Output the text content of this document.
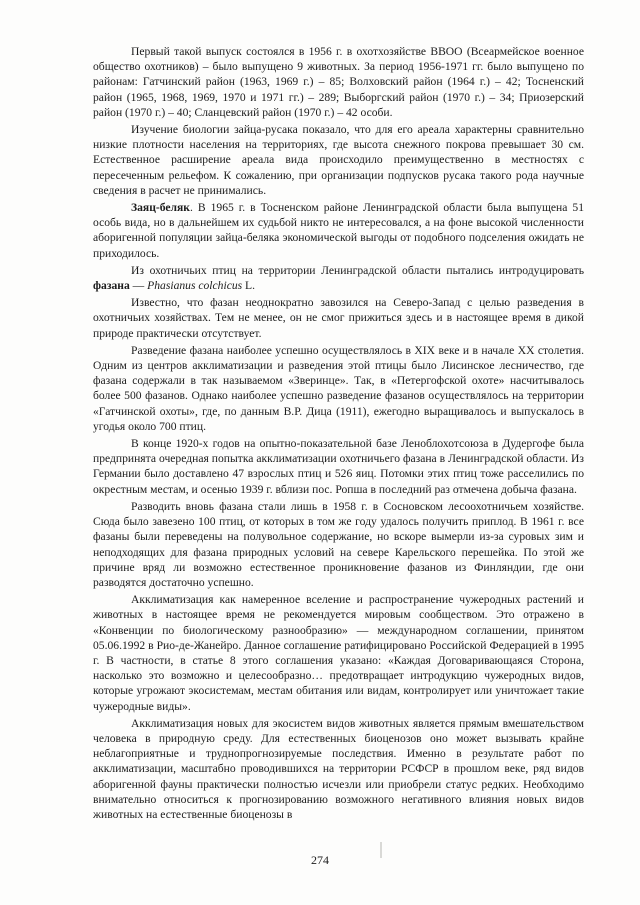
Первый такой выпуск состоялся в 1956 г. в охотхозяйстве ВВОО (Всеармейское военное общество охотников) – было выпущено 9 животных. За период 1956-1971 гг. было выпущено по районам: Гатчинский район (1963, 1969 г.) – 85; Волховский район (1964 г.) – 42; Тосненский район (1965, 1968, 1969, 1970 и 1971 гг.) – 289; Выборгский район (1970 г.) – 34; Приозерский район (1970 г.) – 40; Сланцевский район (1970 г.) – 42 особи.

Изучение биологии зайца-русака показало, что для его ареала характерны сравнительно низкие плотности населения на территориях, где высота снежного покрова превышает 30 см. Естественное расширение ареала вида происходило преимущественно в местностях с пересеченным рельефом. К сожалению, при организации подпусков русака такого рода научные сведения в расчет не принимались.

Заяц-беляк. В 1965 г. в Тосненском районе Ленинградской области была выпущена 51 особь вида, но в дальнейшем их судьбой никто не интересовался, а на фоне высокой численности аборигенной популяции зайца-беляка экономической выгоды от подобного подселения ожидать не приходилось.

Из охотничьих птиц на территории Ленинградской области пытались интродуцировать фазана — Phasianus colchicus L.

Известно, что фазан неоднократно завозился на Северо-Запад с целью разведения в охотничьих хозяйствах. Тем не менее, он не смог прижиться здесь и в настоящее время в дикой природе практически отсутствует.

Разведение фазана наиболее успешно осуществлялось в XIX веке и в начале XX столетия. Одним из центров акклиматизации и разведения этой птицы было Лисинское лесничество, где фазана содержали в так называемом «Зверинце». Так, в «Петергофской охоте» насчитывалось более 500 фазанов. Однако наиболее успешно разведение фазанов осуществлялось на территории «Гатчинской охоты», где, по данным В.Р. Дица (1911), ежегодно выращивалось и выпускалось в угодья около 700 птиц.

В конце 1920-х годов на опытно-показательной базе Леноблохотсоюза в Дудергофе была предпринята очередная попытка акклиматизации охотничьего фазана в Ленинградской области. Из Германии было доставлено 47 взрослых птиц и 526 яиц. Потомки этих птиц тоже расселились по окрестным местам, и осенью 1939 г. вблизи пос. Ропша в последний раз отмечена добыча фазана.

Разводить вновь фазана стали лишь в 1958 г. в Сосновском лесоохотничьем хозяйстве. Сюда было завезено 100 птиц, от которых в том же году удалось получить приплод. В 1961 г. все фазаны были переведены на полувольное содержание, но вскоре вымерли из-за суровых зим и неподходящих для фазана природных условий на севере Карельского перешейка. По этой же причине вряд ли возможно естественное проникновение фазанов из Финляндии, где они разводятся достаточно успешно.

Акклиматизация как намеренное вселение и распространение чужеродных растений и животных в настоящее время не рекомендуется мировым сообществом. Это отражено в «Конвенции по биологическому разнообразию» — международном соглашении, принятом 05.06.1992 в Рио-де-Жанейро. Данное соглашение ратифицировано Российской Федерацией в 1995 г. В частности, в статье 8 этого соглашения указано: «Каждая Договаривающаяся Сторона, насколько это возможно и целесообразно… предотвращает интродукцию чужеродных видов, которые угрожают экосистемам, местам обитания или видам, контролирует или уничтожает такие чужеродные виды».

Акклиматизация новых для экосистем видов животных является прямым вмешательством человека в природную среду. Для естественных биоценозов оно может вызывать крайне неблагоприятные и труднопрогнозируемые последствия. Именно в результате работ по акклиматизации, масштабно проводившихся на территории РСФСР в прошлом веке, ряд видов аборигенной фауны практически полностью исчезли или приобрели статус редких. Необходимо внимательно относиться к прогнозированию возможного негативного влияния новых видов животных на естественные биоценозы в

274
